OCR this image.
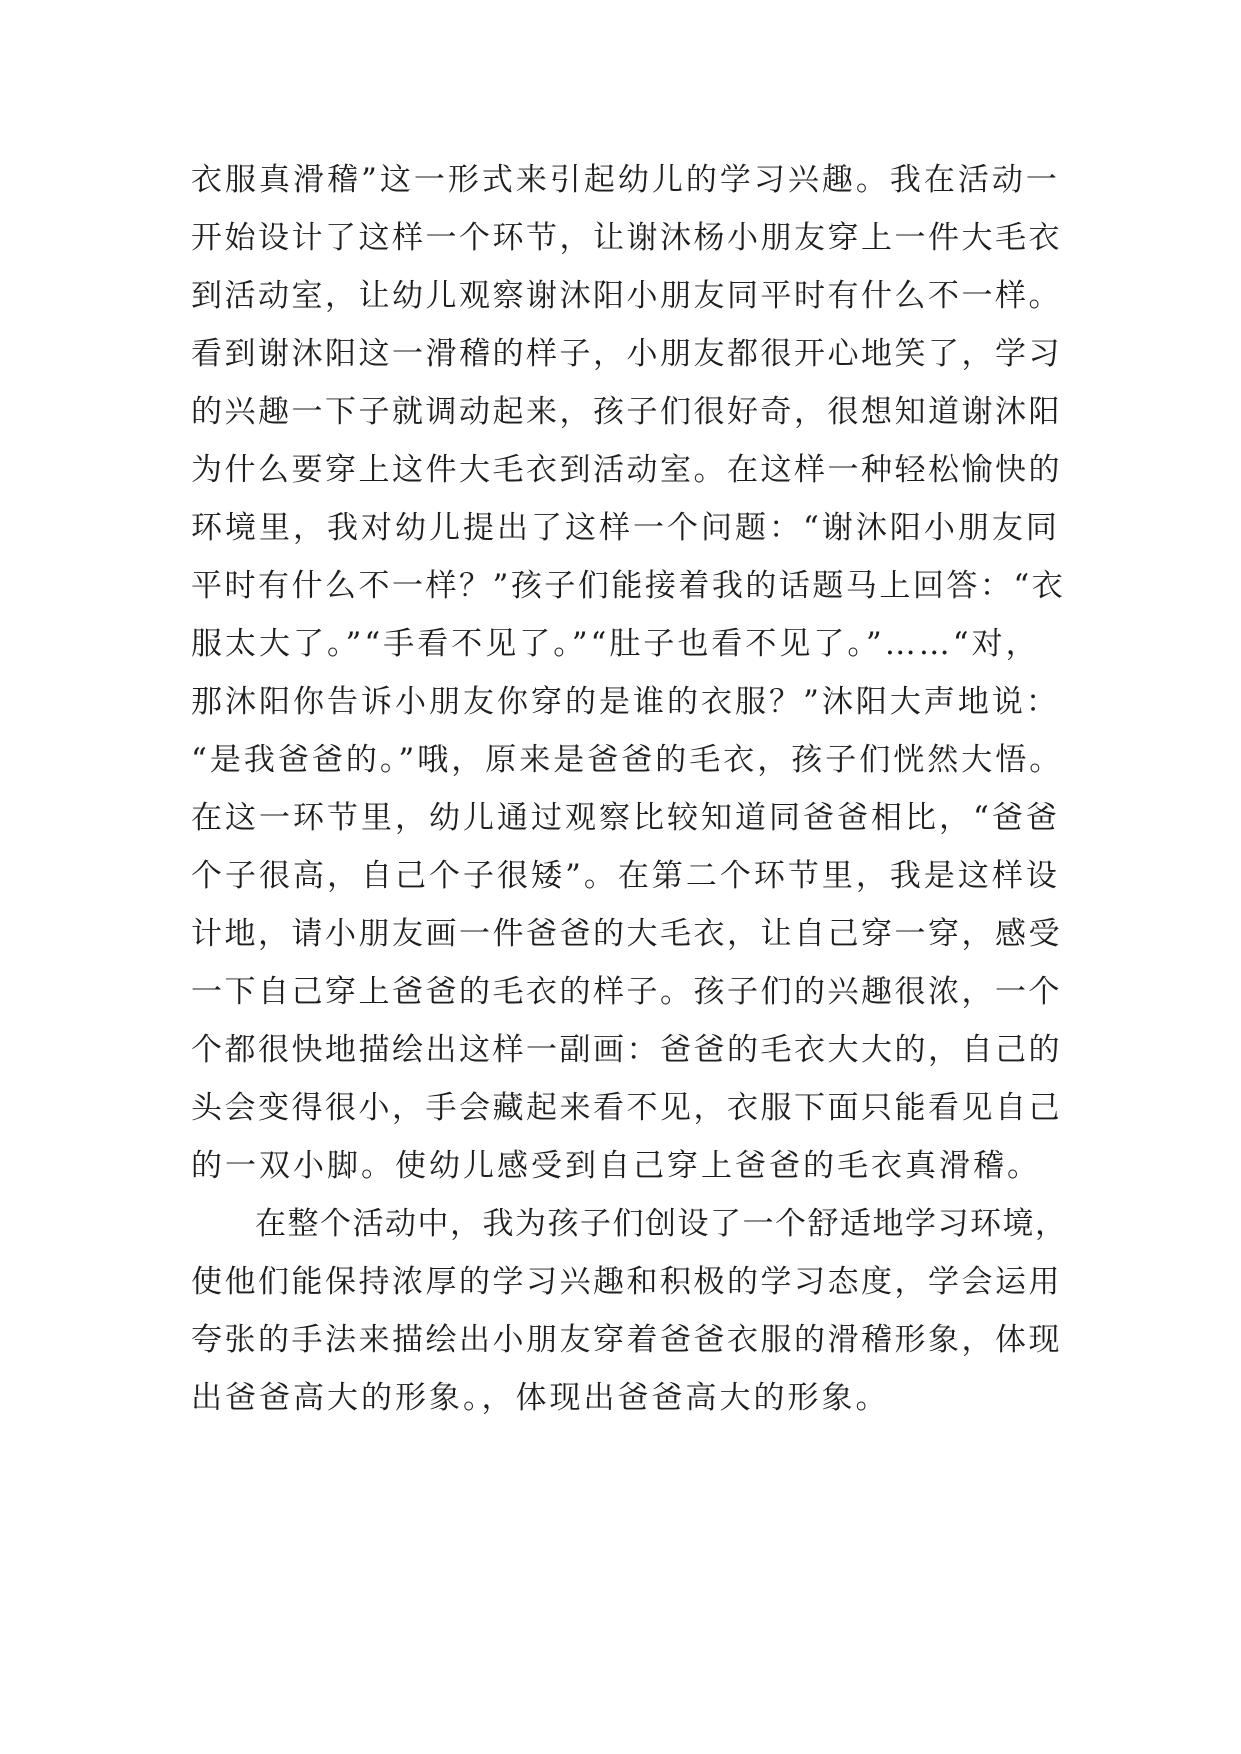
衣服真滑稽”这一形式来引起幼儿的学习兴趣。我在活动一
开始设计了这样一个环节，让谢沐杨小朋友穿上一件大毛衣
到活动室，让幼儿观察谢沐阳小朋友同平时有什么不一样。
看到谢沐阳这一滑稽的样子，小朋友都很开心地笑了，学习
的兴趣一下子就调动起来，孩子们很好奇，很想知道谢沐阳
为什么要穿上这件大毛衣到活动室。在这样一种轻松愉快的
环境里，我对幼儿提出了这样一个问题：“谢沐阳小朋友同
平时有什么不一样？”孩子们能接着我的话题马上回答：“衣
服太大了。”“手看不见了。”“肚子也看不见了。”……“对，
那沐阳你告诉小朋友你穿的是谁的衣服？”沐阳大声地说：
“是我爸爸的。”哦，原来是爸爸的毛衣，孩子们恍然大悟。
在这一环节里，幼儿通过观察比较知道同爸爸相比，“爸爸
个子很高，自己个子很矮”。在第二个环节里，我是这样设
计地，请小朋友画一件爸爸的大毛衣，让自己穿一穿，感受
一下自己穿上爸爸的毛衣的样子。孩子们的兴趣很浓，一个
个都很快地描绘出这样一副画：爸爸的毛衣大大的，自己的
头会变得很小，手会藏起来看不见，衣服下面只能看见自己
的一双小脚。使幼儿感受到自己穿上爸爸的毛衣真滑稽。
在整个活动中，我为孩子们创设了一个舒适地学习环境，
使他们能保持浓厚的学习兴趣和积极的学习态度，学会运用
夸张的手法来描绘出小朋友穿着爸爸衣服的滑稽形象，体现
出爸爸高大的形象。，体现出爸爸高大的形象。
